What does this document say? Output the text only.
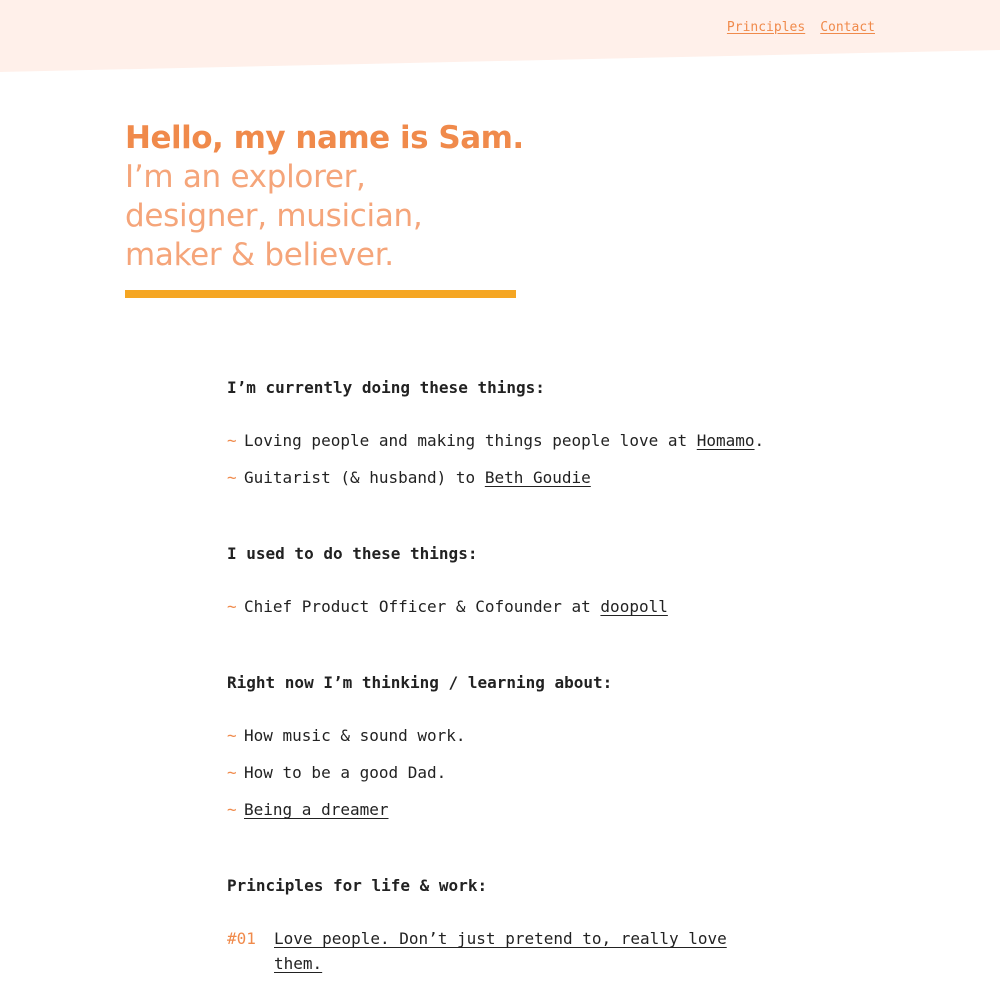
Principles Contact
Hello, my name is Sam.
I’m an explorer, designer, musician, maker & believer.
I’m currently doing these things:
~ Loving people and making things people love at Homamo.
~ Guitarist (& husband) to Beth Goudie
I used to do these things:
~ Chief Product Officer & Cofounder at doopoll
Right now I’m thinking / learning about:
~ How music & sound work.
~ How to be a good Dad.
~ Being a dreamer
Principles for life & work:
#01	Love people. Don’t just pretend to, really love them.
